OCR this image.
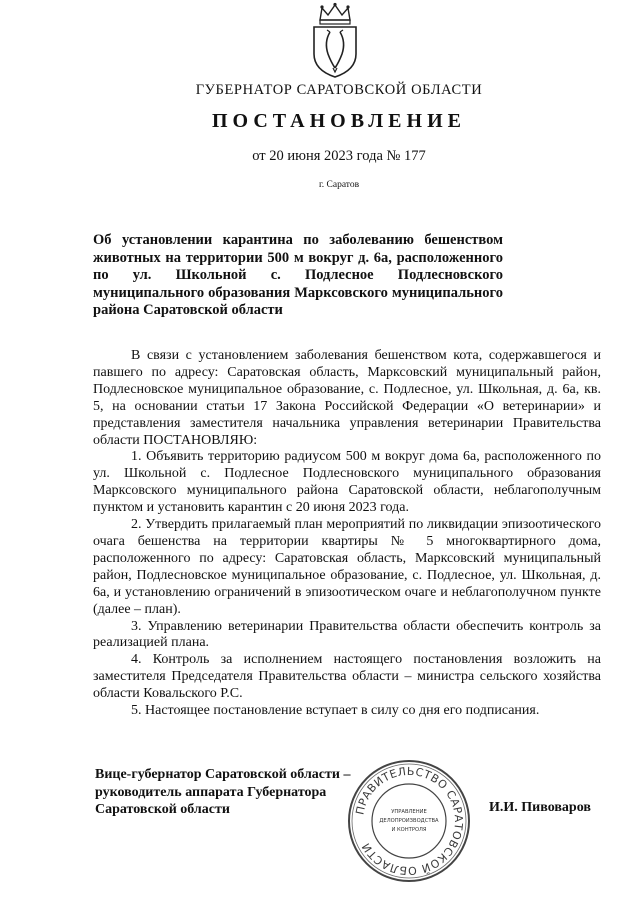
ГУБЕРНАТОР САРАТОВСКОЙ ОБЛАСТИ
ПОСТАНОВЛЕНИЕ
от 20 июня 2023 года № 177
г. Саратов
Об установлении карантина по заболеванию бешенством животных на территории 500 м вокруг д. 6а, расположенного по ул. Школьной с. Подлесное Подлесновского муниципального образования Марксовского муниципального района Саратовской области

В связи с установлением заболевания бешенством кота, содержавшегося и павшего по адресу: Саратовская область, Марксовский муниципальный район, Подлесновское муниципальное образование, с. Подлесное, ул. Школьная, д. 6а, кв. 5, на основании статьи 17 Закона Российской Федерации «О ветеринарии» и представления заместителя начальника управления ветеринарии Правительства области ПОСТАНОВЛЯЮ:

1. Объявить территорию радиусом 500 м вокруг дома 6а, расположенного по ул. Школьной с. Подлесное Подлесновского муниципального образования Марксовского муниципального района Саратовской области, неблагополучным пунктом и установить карантин с 20 июня 2023 года.

2. Утвердить прилагаемый план мероприятий по ликвидации эпизоотического очага бешенства на территории квартиры № 5 многоквартирного дома, расположенного по адресу: Саратовская область, Марксовский муниципальный район, Подлесновское муниципальное образование, с. Подлесное, ул. Школьная, д. 6а, и установлению ограничений в эпизоотическом очаге и неблагополучном пункте (далее – план).

3. Управлению ветеринарии Правительства области обеспечить контроль за реализацией плана.

4. Контроль за исполнением настоящего постановления возложить на заместителя Председателя Правительства области – министра сельского хозяйства области Ковальского Р.С.

5. Настоящее постановление вступает в силу со дня его подписания.

Вице-губернатор Саратовской области –
руководитель аппарата Губернатора
Саратовской области	ПРАВИТЕЛЬСТВО САРАТОВСКОЙ ОБЛАСТИ
УПРАВЛЕНИЕ
ДЕЛОПРОИЗВОДСТВА
И КОНТРОЛЯ
И.И. Пивоваров
